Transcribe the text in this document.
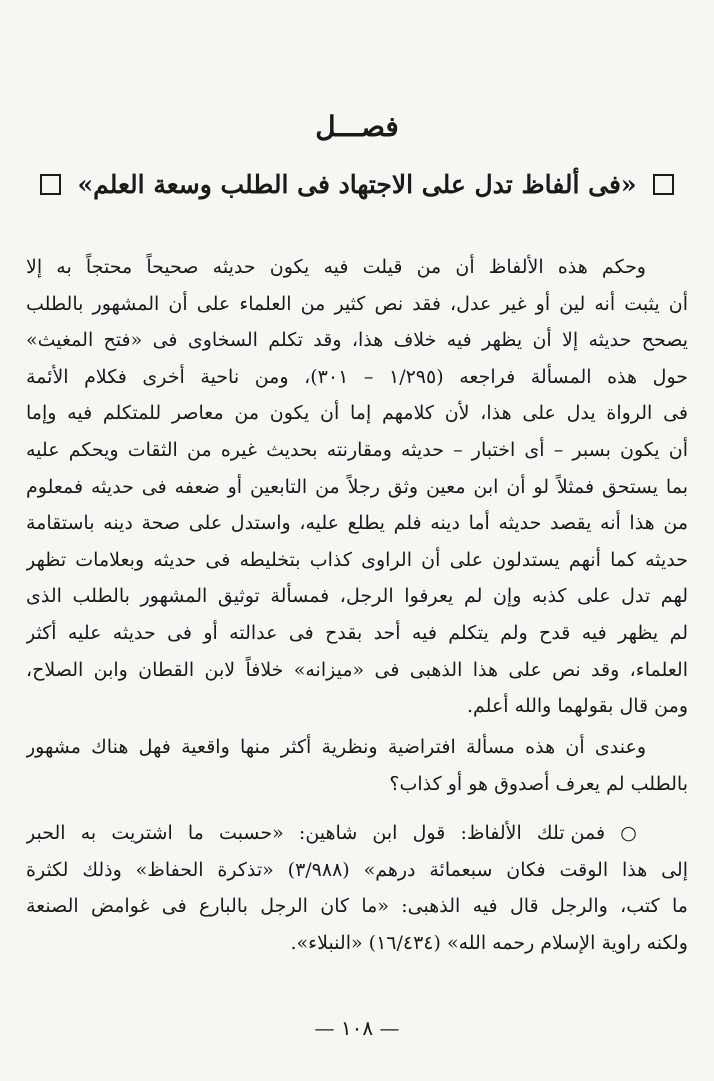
فصـــل
«فى ألفاظ تدل على الاجتهاد فى الطلب وسعة العلم»
وحكم هذه الألفاظ أن من قيلت فيه يكون حديثه صحيحاً محتجاً به إلا
أن يثبت أنه لين أو غير عدل، فقد نص كثير من العلماء على أن المشهور بالطلب
يصحح حديثه إلا أن يظهر فيه خلاف هذا، وقد تكلم السخاوى فى «فتح المغيث»
حول هذه المسألة فراجعه (١/٢٩٥ – ٣٠١)، ومن ناحية أخرى فكلام الأئمة
فى الرواة يدل على هذا، لأن كلامهم إما أن يكون من معاصر للمتكلم فيه وإما
أن يكون بسبر – أى اختبار – حديثه ومقارنته بحديث غيره من الثقات ويحكم عليه
بما يستحق فمثلاً لو أن ابن معين وثق رجلاً من التابعين أو ضعفه فى حديثه فمعلوم
من هذا أنه يقصد حديثه أما دينه فلم يطلع عليه، واستدل على صحة دينه باستقامة
حديثه كما أنهم يستدلون على أن الراوى كذاب بتخليطه فى حديثه وبعلامات تظهر
لهم تدل على كذبه وإن لم يعرفوا الرجل، فمسألة توثيق المشهور بالطلب الذى
لم يظهر فيه قدح ولم يتكلم فيه أحد بقدح فى عدالته أو فى حديثه عليه أكثر
العلماء، وقد نص على هذا الذهبى فى «ميزانه» خلافاً لابن القطان وابن الصلاح،
ومن قال بقولهما والله أعلم.
وعندى أن هذه مسألة افتراضية ونظرية أكثر منها واقعية فهل هناك مشهور
بالطلب لم يعرف أصدوق هو أو كذاب؟
○ فمن تلك الألفاظ: قول ابن شاهين: «حسبت ما اشتريت به الحبر
إلى هذا الوقت فكان سبعمائة درهم» (٣/٩٨٨) «تذكرة الحفاظ» وذلك لكثرة
ما كتب، والرجل قال فيه الذهبى: «ما كان الرجل بالبارع فى غوامض الصنعة
ولكنه راوية الإسلام رحمه الله» (١٦/٤٣٤) «النبلاء».
— ١٠٨ —
